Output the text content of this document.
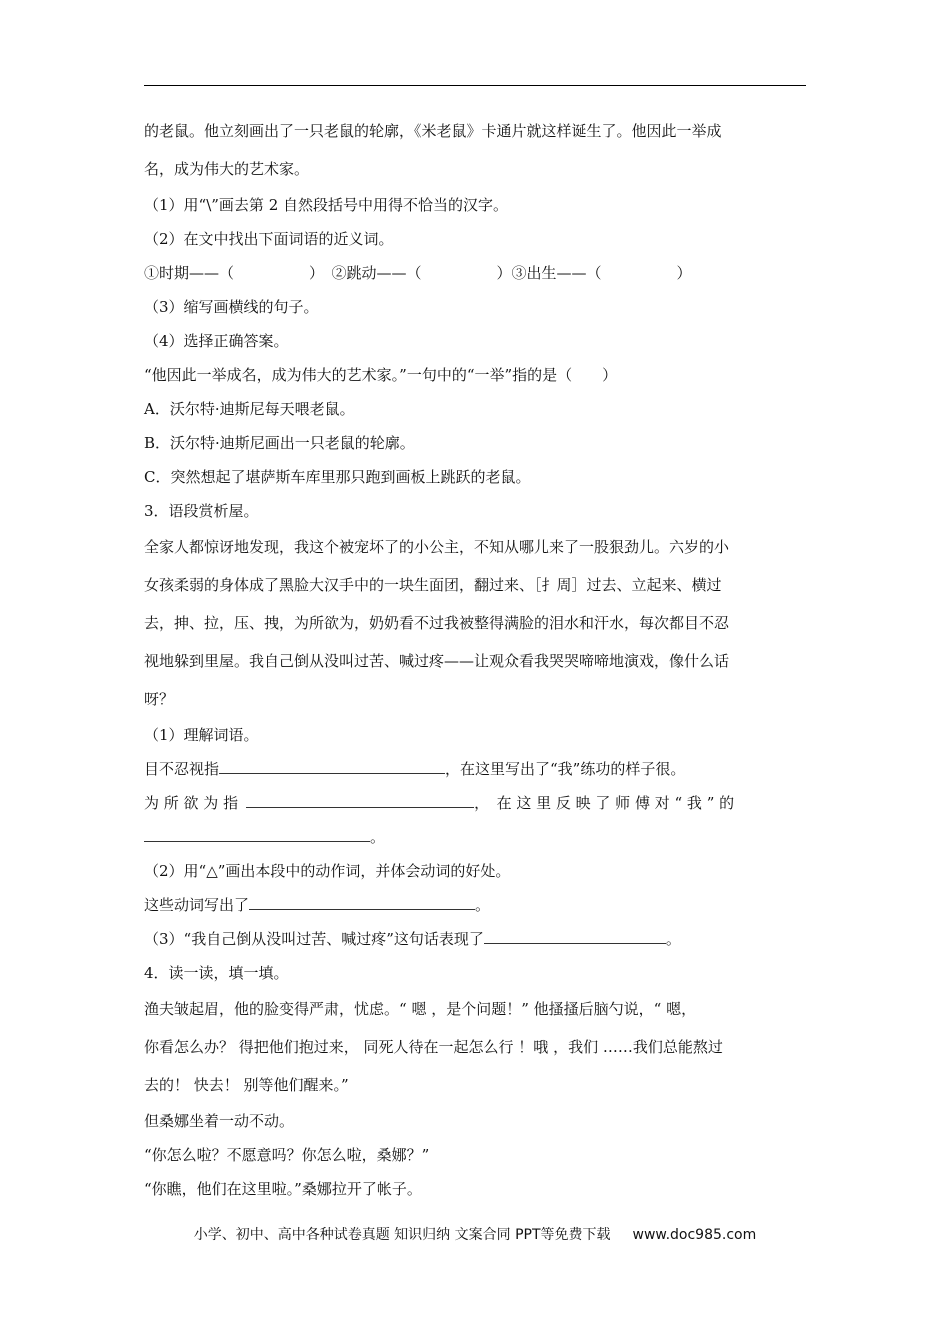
的老鼠。他立刻画出了一只老鼠的轮廓，《米老鼠》卡通片就这样诞生了。他因此一举成

名，成为伟大的艺术家。

（1）用“\”画去第 2 自然段括号中用得不恰当的汉字。

（2）在文中找出下面词语的近义词。

①时期——（　　　　　）　②跳动——（　　　　　）③出生——（　　　　　）

（3）缩写画横线的句子。

（4）选择正确答案。

“他因此一举成名，成为伟大的艺术家。”一句中的“一举”指的是（　　）

A．沃尔特·迪斯尼每天喂老鼠。

B．沃尔特·迪斯尼画出一只老鼠的轮廓。

C．突然想起了堪萨斯车库里那只跑到画板上跳跃的老鼠。

3．语段赏析屋。

全家人都惊讶地发现，我这个被宠坏了的小公主，不知从哪儿来了一股狠劲儿。六岁的小

女孩柔弱的身体成了黑脸大汉手中的一块生面团，翻过来、［扌周］过去、立起来、横过

去，抻、拉，压、拽，为所欲为，奶奶看不过我被整得满脸的泪水和汗水，每次都目不忍

视地躲到里屋。我自己倒从没叫过苦、喊过疼——让观众看我哭哭啼啼地演戏，像什么话

呀？

（1）理解词语。

目不忍视指	，在这里写出了“我”练功的样子很。

为 所 欲 为 指	，　在 这 里 反 映 了 师 傅 对 “ 我 ” 的

。

（2）用“△”画出本段中的动作词，并体会动词的好处。

这些动词写出了	。

（3）“我自己倒从没叫过苦、喊过疼”这句话表现了	。

4．读一读，填一填。

渔夫皱起眉，他的脸变得严肃，忧虑。“ 嗯 ，是个问题！” 他搔搔后脑勺说，“ 嗯，

你看怎么办？ 得把他们抱过来， 同死人待在一起怎么行 ！哦 ，我们 ……我们总能熬过

去的！ 快去！ 别等他们醒来。”

但桑娜坐着一动不动。

“你怎么啦？不愿意吗？你怎么啦，桑娜？”

“你瞧，他们在这里啦。”桑娜拉开了帐子。

小学、初中、高中各种试卷真题 知识归纳 文案合同 PPT等免费下载 www.doc985.com
